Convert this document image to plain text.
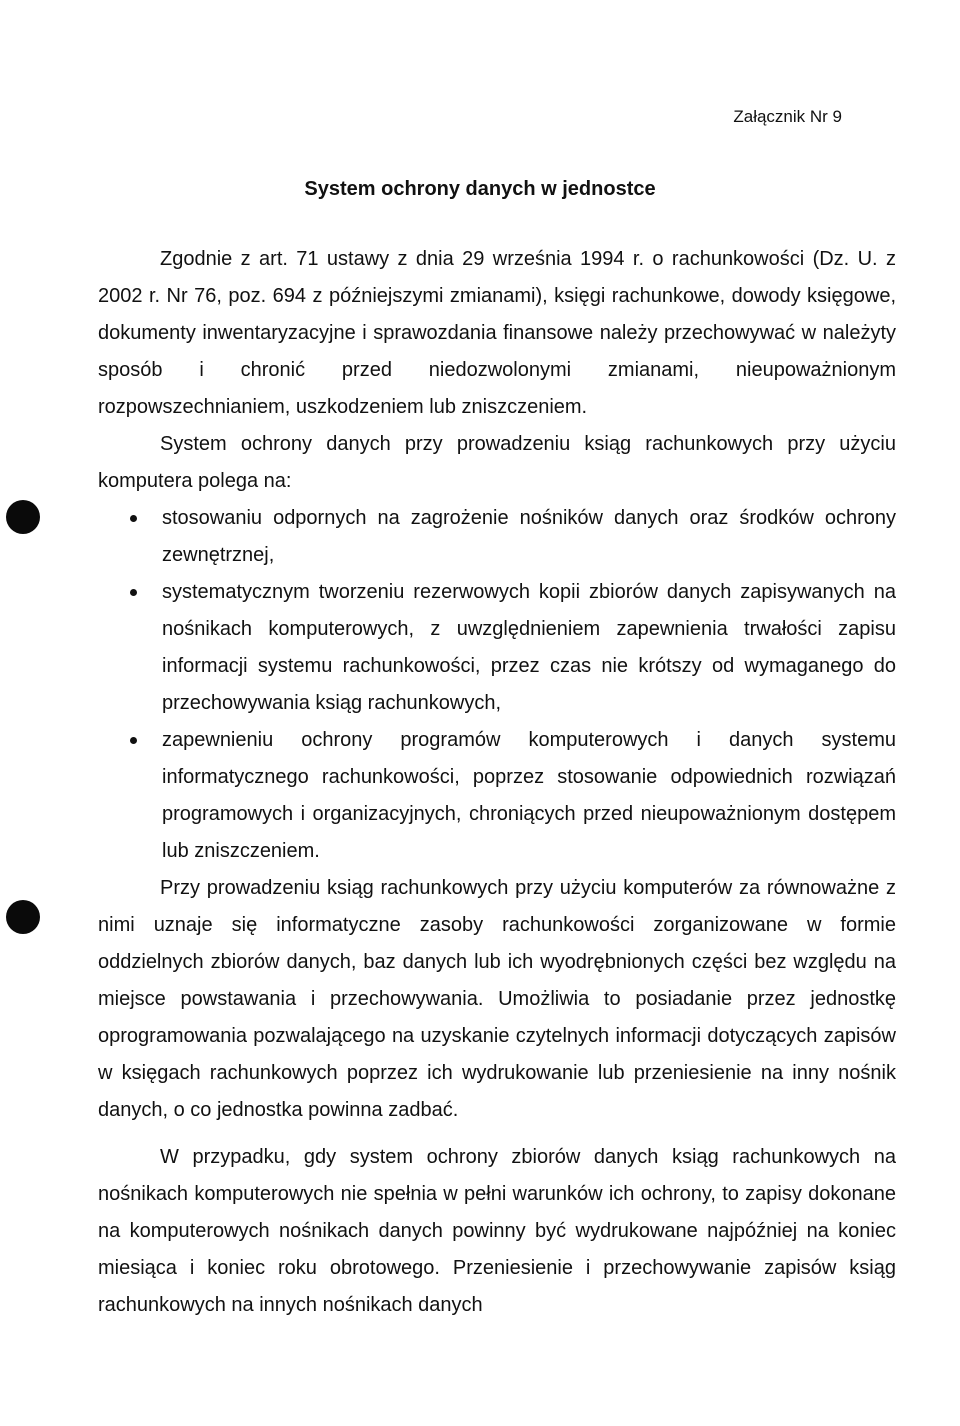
Załącznik Nr 9
System ochrony danych w jednostce

Zgodnie z art. 71 ustawy z dnia 29 września 1994 r. o rachunkowości (Dz. U. z 2002 r. Nr 76, poz. 694 z późniejszymi zmianami), księgi rachunkowe, dowody księgowe, dokumenty inwentaryzacyjne i sprawozdania finansowe należy przechowywać w należyty sposób i chronić przed niedozwolonymi zmianami, nieupoważnionym rozpowszechnianiem, uszkodzeniem lub zniszczeniem.

System ochrony danych przy prowadzeniu ksiąg rachunkowych przy użyciu komputera polega na:

stosowaniu odpornych na zagrożenie nośników danych oraz środków ochrony zewnętrznej,
systematycznym tworzeniu rezerwowych kopii zbiorów danych zapisywanych na nośnikach komputerowych, z uwzględnieniem zapewnienia trwałości zapisu informacji systemu rachunkowości, przez czas nie krótszy od wymaganego do przechowywania ksiąg rachunkowych,
zapewnieniu ochrony programów komputerowych i danych systemu informatycznego rachunkowości, poprzez stosowanie odpowiednich rozwiązań programowych i organizacyjnych, chroniących przed nieupoważnionym dostępem lub zniszczeniem.

Przy prowadzeniu ksiąg rachunkowych przy użyciu komputerów za równoważne z nimi uznaje się informatyczne zasoby rachunkowości zorganizowane w formie oddzielnych zbiorów danych, baz danych lub ich wyodrębnionych części bez względu na miejsce powstawania i przechowywania. Umożliwia to posiadanie przez jednostkę oprogramowania pozwalającego na uzyskanie czytelnych informacji dotyczących zapisów w księgach rachunkowych poprzez ich wydrukowanie lub przeniesienie na inny nośnik danych, o co jednostka powinna zadbać.

W przypadku, gdy system ochrony zbiorów danych ksiąg rachunkowych na nośnikach komputerowych nie spełnia w pełni warunków ich ochrony, to zapisy dokonane na komputerowych nośnikach danych powinny być wydrukowane najpóźniej na koniec miesiąca i koniec roku obrotowego. Przeniesienie i przechowywanie zapisów ksiąg rachunkowych na innych nośnikach danych
